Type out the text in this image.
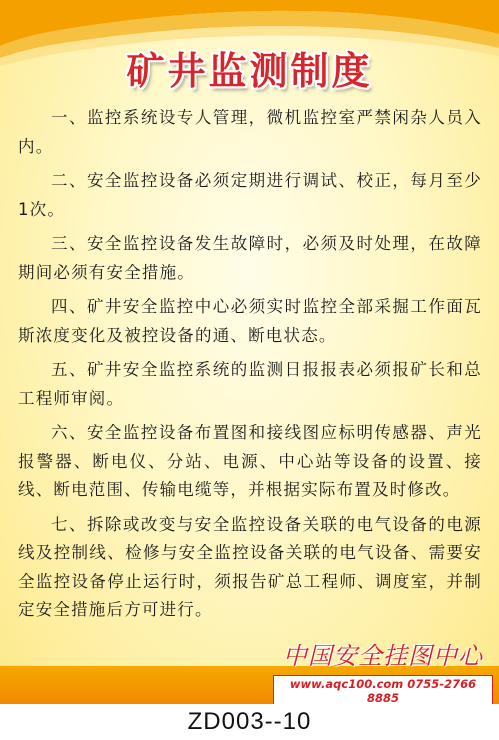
矿井监测制度

一、监控系统设专人管理，微机监控室严禁闲杂人员入内。

二、安全监控设备必须定期进行调试、校正，每月至少1次。

三、安全监控设备发生故障时，必须及时处理，在故障期间必须有安全措施。

四、矿井安全监控中心必须实时监控全部采掘工作面瓦斯浓度变化及被控设备的通、断电状态。

五、矿井安全监控系统的监测日报报表必须报矿长和总工程师审阅。

六、安全监控设备布置图和接线图应标明传感器、声光报警器、断电仪、分站、电源、中心站等设备的设置、接线、断电范围、传输电缆等，并根据实际布置及时修改。

七、拆除或改变与安全监控设备关联的电气设备的电源线及控制线、检修与安全监控设备关联的电气设备、需要安全监控设备停止运行时，须报告矿总工程师、调度室，并制定安全措施后方可进行。

中国安全挂图中心
www.aqc100.com 0755-2766 8885
ZD003--10
